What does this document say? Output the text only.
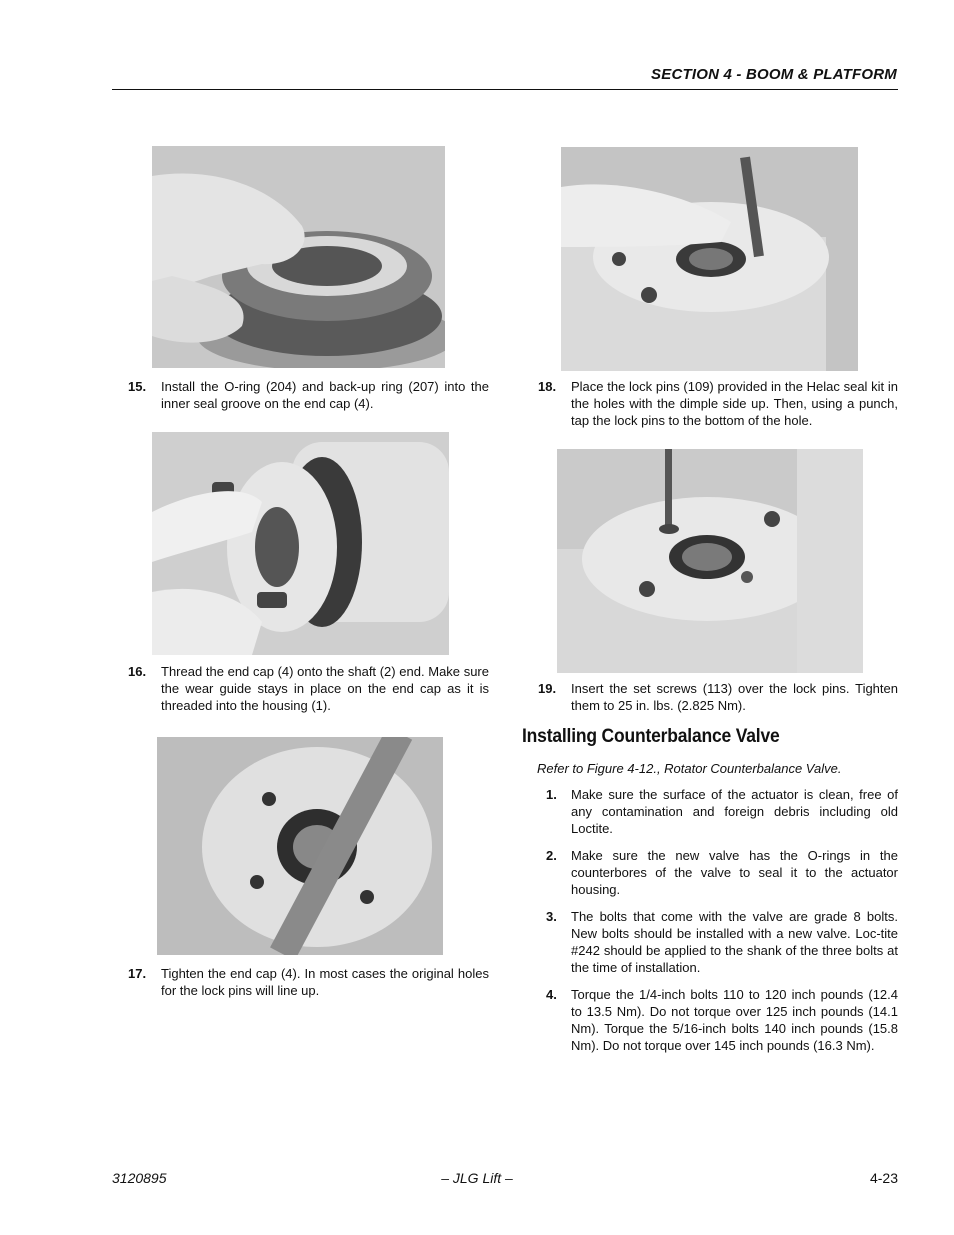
SECTION 4 - BOOM & PLATFORM
15.	Install the O-ring (204) and back-up ring (207) into the inner seal groove on the end cap (4).
16.	Thread the end cap (4) onto the shaft (2) end. Make sure the wear guide stays in place on the end cap as it is threaded into the housing (1).
17.	Tighten the end cap (4). In most cases the original holes for the lock pins will line up.
18.	Place the lock pins (109) provided in the Helac seal kit in the holes with the dimple side up. Then, using a punch, tap the lock pins to the bottom of the hole.
19.	Insert the set screws (113) over the lock pins. Tighten them to 25 in. lbs. (2.825 Nm).
Installing Counterbalance Valve
Refer to Figure 4-12., Rotator Counterbalance Valve.
1.	Make sure the surface of the actuator is clean, free of any contamination and foreign debris including old Loctite.
2.	Make sure the new valve has the O-rings in the counterbores of the valve to seal it to the actuator housing.
3.	The bolts that come with the valve are grade 8 bolts. New bolts should be installed with a new valve. Loc-tite #242 should be applied to the shank of the three bolts at the time of installation.
4.	Torque the 1/4-inch bolts 110 to 120 inch pounds (12.4 to 13.5 Nm). Do not torque over 125 inch pounds (14.1 Nm). Torque the 5/16-inch bolts 140 inch pounds (15.8 Nm). Do not torque over 145 inch pounds (16.3 Nm).
3120895	– JLG Lift –	4-23
